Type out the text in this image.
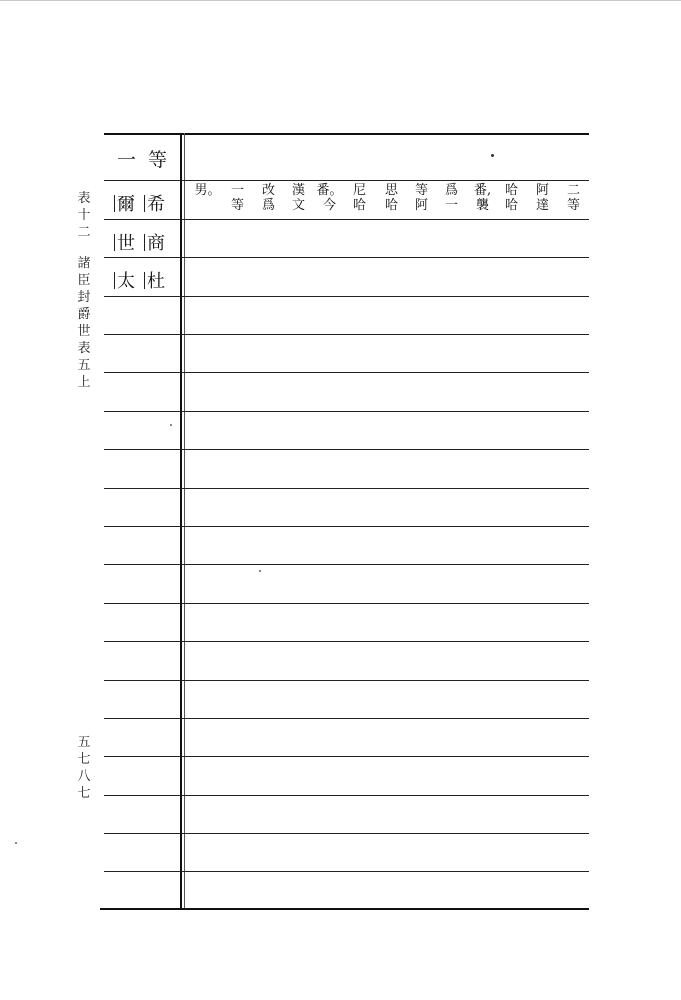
表
十
二
諸
臣
封
爵
世
表
五
上
五
七
八
七
一等
爾 希
世 商
太 杜
二
等
阿
達
哈
哈
番,
襲
爲
一
等
阿
思
哈
尼
哈
番。
今
漢
文
改
爲
一
等
男。
